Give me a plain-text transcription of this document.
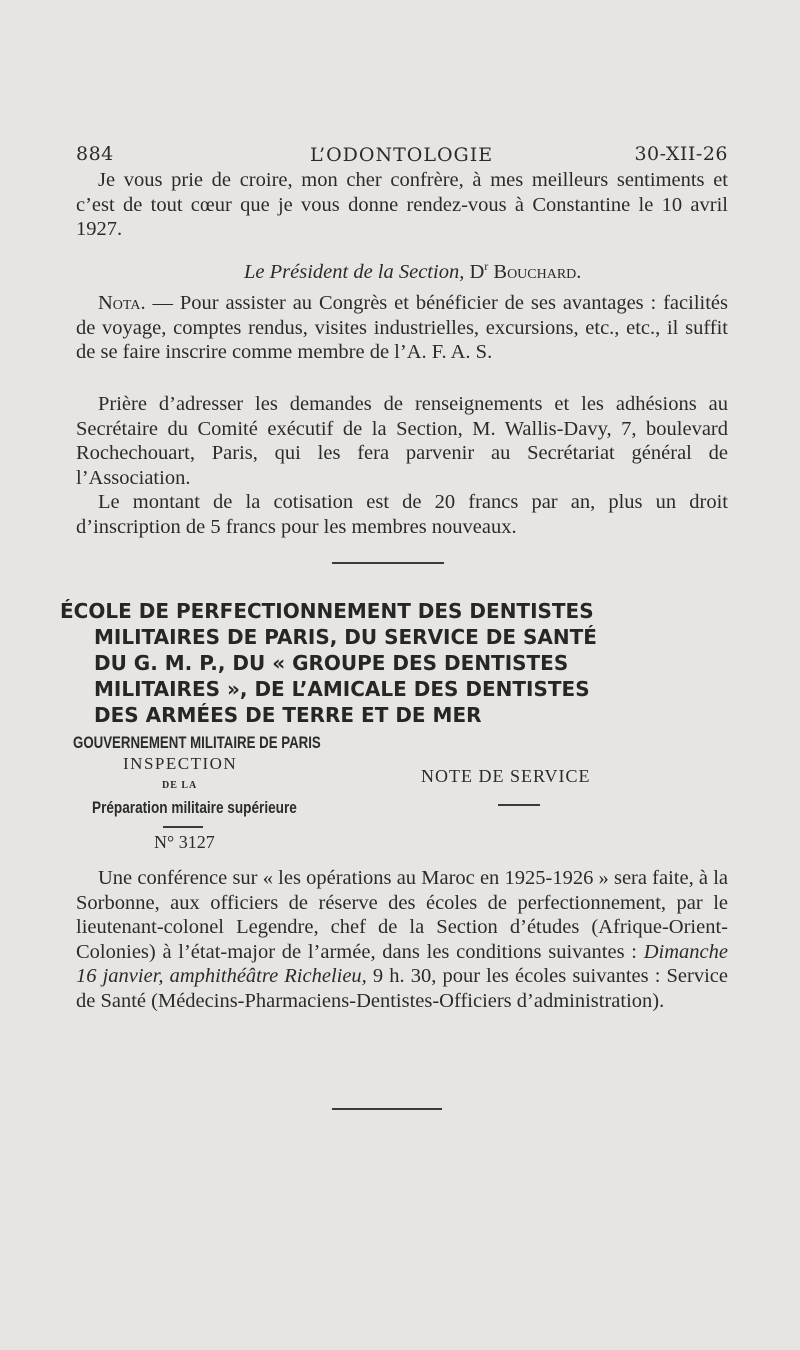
884	L’ODONTOLOGIE	30-XII-26

Je vous prie de croire, mon cher confrère, à mes meilleurs sentiments et c’est de tout cœur que je vous donne rendez-vous à Constantine le 10 avril 1927.

Le Président de la Section, $D^r$ Bouchard.

Nota. — Pour assister au Congrès et bénéficier de ses avantages : facilités de voyage, comptes rendus, visites industrielles, excursions, etc., etc., il suffit de se faire inscrire comme membre de l’A. F. A. S.

Prière d’adresser les demandes de renseignements et les adhésions au Secrétaire du Comité exécutif de la Section, M. Wallis-Davy, 7, boulevard Rochechouart, Paris, qui les fera parvenir au Secrétariat général de l’Association.

Le montant de la cotisation est de 20 francs par an, plus un droit d’inscription de 5 francs pour les membres nouveaux.

ÉCOLE DE PERFECTIONNEMENT DES DENTISTES
MILITAIRES DE PARIS, DU SERVICE DE SANTÉ
DU G. M. P., DU « GROUPE DES DENTISTES
MILITAIRES », DE L’AMICALE DES DENTISTES
DES ARMÉES DE TERRE ET DE MER
GOUVERNEMENT MILITAIRE DE PARIS
INSPECTION
DE LA
Préparation militaire supérieure
N° 3127
NOTE DE SERVICE

Une conférence sur « les opérations au Maroc en 1925-1926 » sera faite, à la Sorbonne, aux officiers de réserve des écoles de perfectionnement, par le lieutenant-colonel Legendre, chef de la Section d’études (Afrique-Orient-Colonies) à l’état-major de l’armée, dans les conditions suivantes : Dimanche 16 janvier, amphithéâtre Richelieu, 9 h. 30, pour les écoles suivantes : Service de Santé (Médecins-Pharmaciens-Dentistes-Officiers d’administration).
